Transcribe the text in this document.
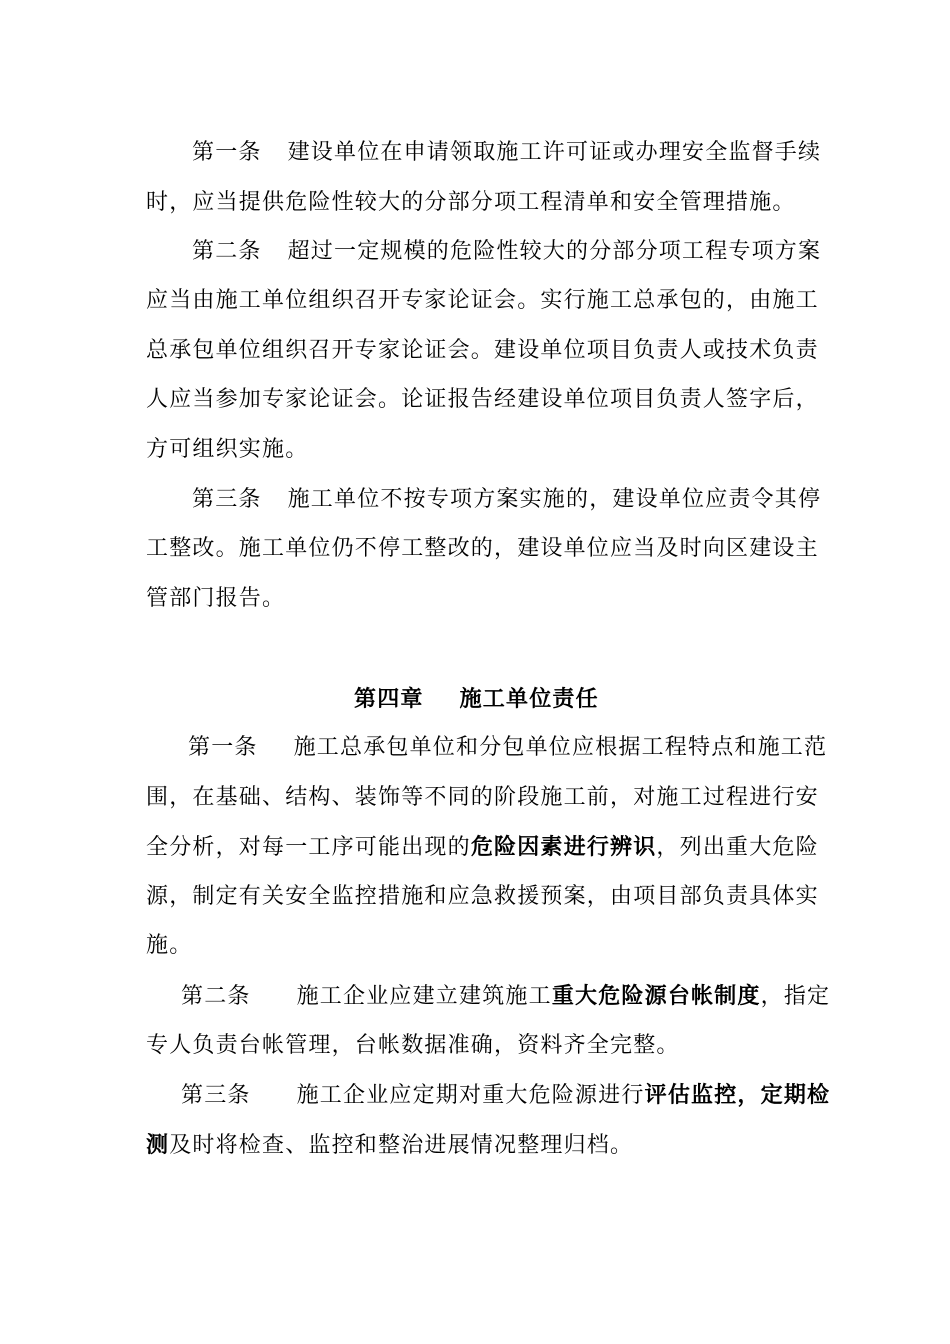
第一条 建设单位在申请领取施工许可证或办理安全监督手续
时，应当提供危险性较大的分部分项工程清单和安全管理措施。
第二条 超过一定规模的危险性较大的分部分项工程专项方案
应当由施工单位组织召开专家论证会。实行施工总承包的，由施工
总承包单位组织召开专家论证会。建设单位项目负责人或技术负责
人应当参加专家论证会。论证报告经建设单位项目负责人签字后，
方可组织实施。
第三条 施工单位不按专项方案实施的，建设单位应责令其停
工整改。施工单位仍不停工整改的，建设单位应当及时向区建设主
管部门报告。
第四章 施工单位责任
第一条 施工总承包单位和分包单位应根据工程特点和施工范
围，在基础、结构、装饰等不同的阶段施工前，对施工过程进行安
全分析，对每一工序可能出现的危险因素进行辨识，列出重大危险
源，制定有关安全监控措施和应急救援预案，由项目部负责具体实
施。
第二条 施工企业应建立建筑施工重大危险源台帐制度，指定
专人负责台帐管理，台帐数据准确，资料齐全完整。
第三条 施工企业应定期对重大危险源进行评估监控，定期检
测及时将检查、监控和整治进展情况整理归档。
